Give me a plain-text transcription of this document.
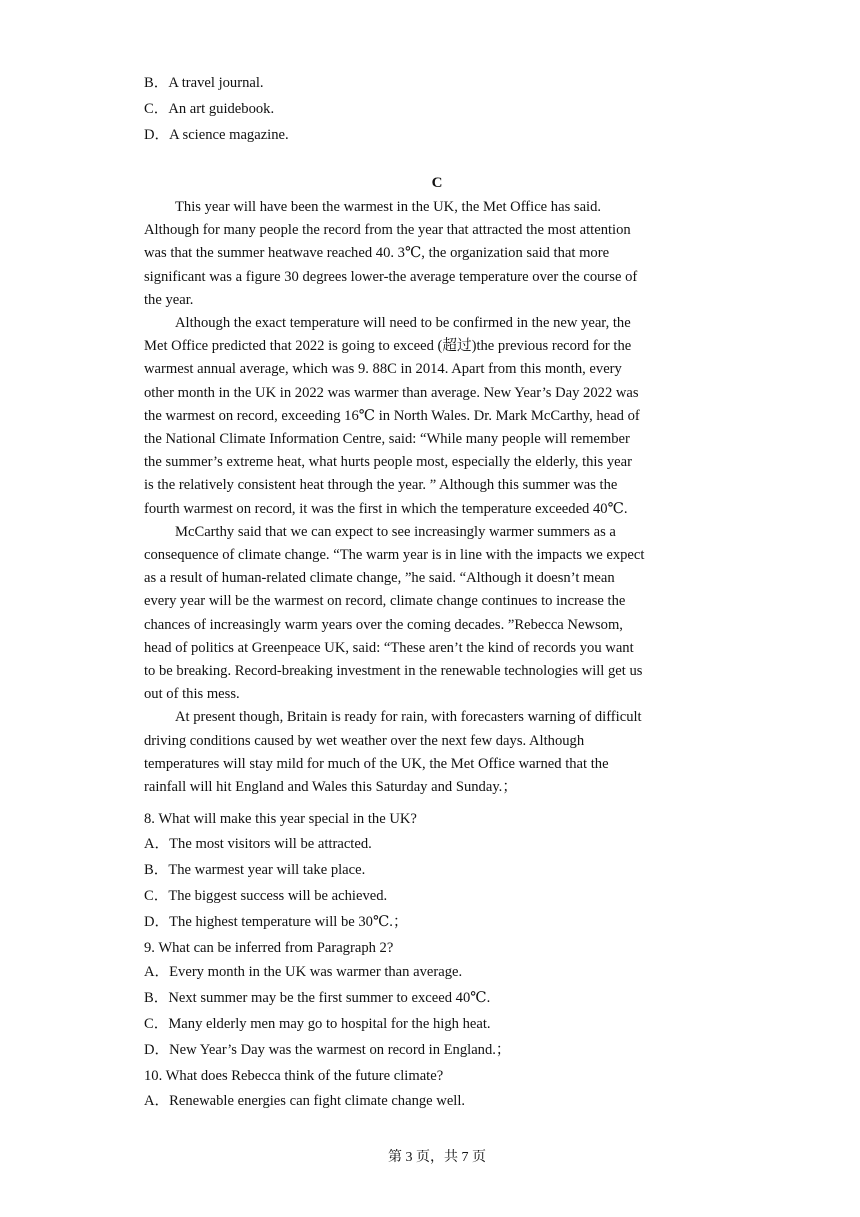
B．A travel journal.
C．An art guidebook.
D．A science magazine.
C
This year will have been the warmest in the UK, the Met Office has said.
Although for many people the record from the year that attracted the most attention
was that the summer heatwave reached 40. 3℃, the organization said that more
significant was a figure 30 degrees lower-the average temperature over the course of
the year.
Although the exact temperature will need to be confirmed in the new year, the
Met Office predicted that 2022 is going to exceed (超过)the previous record for the
warmest annual average, which was 9. 88C in 2014. Apart from this month, every
other month in the UK in 2022 was warmer than average. New Year’s Day 2022 was
the warmest on record, exceeding 16℃ in North Wales. Dr. Mark McCarthy, head of
the National Climate Information Centre, said: “While many people will remember
the summer’s extreme heat, what hurts people most, especially the elderly, this year
is the relatively consistent heat through the year. ” Although this summer was the
fourth warmest on record, it was the first in which the temperature exceeded 40℃.
McCarthy said that we can expect to see increasingly warmer summers as a
consequence of climate change. “The warm year is in line with the impacts we expect
as a result of human-related climate change, ”he said. “Although it doesn’t mean
every year will be the warmest on record, climate change continues to increase the
chances of increasingly warm years over the coming decades. ”Rebecca Newsom,
head of politics at Greenpeace UK, said: “These aren’t the kind of records you want
to be breaking. Record-breaking investment in the renewable technologies will get us
out of this mess.
At present though, Britain is ready for rain, with forecasters warning of difficult
driving conditions caused by wet weather over the next few days. Although
temperatures will stay mild for much of the UK, the Met Office warned that the
rainfall will hit England and Wales this Saturday and Sunday.；
8. What will make this year special in the UK?
A．The most visitors will be attracted.
B．The warmest year will take place.
C．The biggest success will be achieved.
D．The highest temperature will be 30℃.；
9. What can be inferred from Paragraph 2?
A．Every month in the UK was warmer than average.
B．Next summer may be the first summer to exceed 40℃.
C．Many elderly men may go to hospital for the high heat.
D．New Year’s Day was the warmest on record in England.；
10. What does Rebecca think of the future climate?
A．Renewable energies can fight climate change well.
第 3 页，共 7 页
